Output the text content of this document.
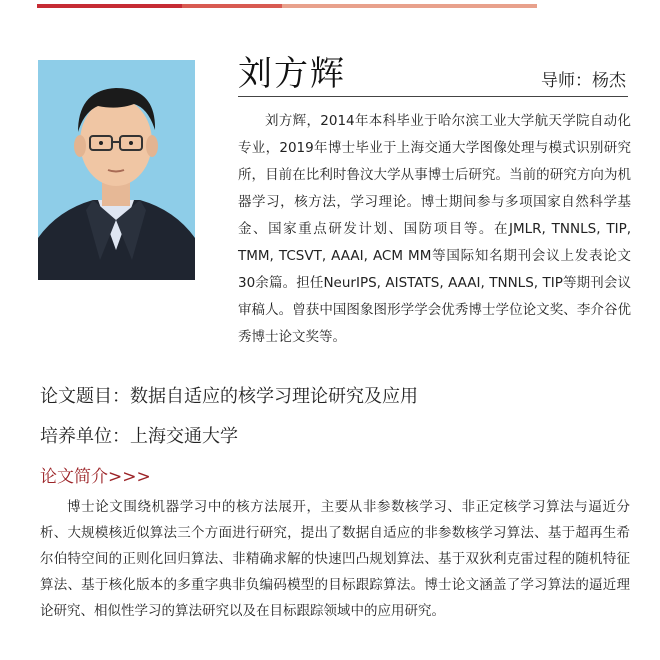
刘方辉	导师：杨杰

刘方辉，2014年本科毕业于哈尔滨工业大学航天学院自动化专业，2019年博士毕业于上海交通大学图像处理与模式识别研究所，目前在比利时鲁汶大学从事博士后研究。当前的研究方向为机器学习，核方法，学习理论。博士期间参与多项国家自然科学基金、国家重点研发计划、国防项目等。在JMLR, TNNLS, TIP, TMM, TCSVT, AAAI, ACM MM等国际知名期刊会议上发表论文30余篇。担任NeurIPS, AISTATS, AAAI, TNNLS, TIP等期刊会议审稿人。曾获中国图象图形学学会优秀博士学位论文奖、李介谷优秀博士论文奖等。

论文题目：数据自适应的核学习理论研究及应用
培养单位：上海交通大学
论文简介>>>

博士论文围绕机器学习中的核方法展开，主要从非参数核学习、非正定核学习算法与逼近分析、大规模核近似算法三个方面进行研究，提出了数据自适应的非参数核学习算法、基于超再生希尔伯特空间的正则化回归算法、非精确求解的快速凹凸规划算法、基于双狄利克雷过程的随机特征算法、基于核化版本的多重字典非负编码模型的目标跟踪算法。博士论文涵盖了学习算法的逼近理论研究、相似性学习的算法研究以及在目标跟踪领域中的应用研究。
